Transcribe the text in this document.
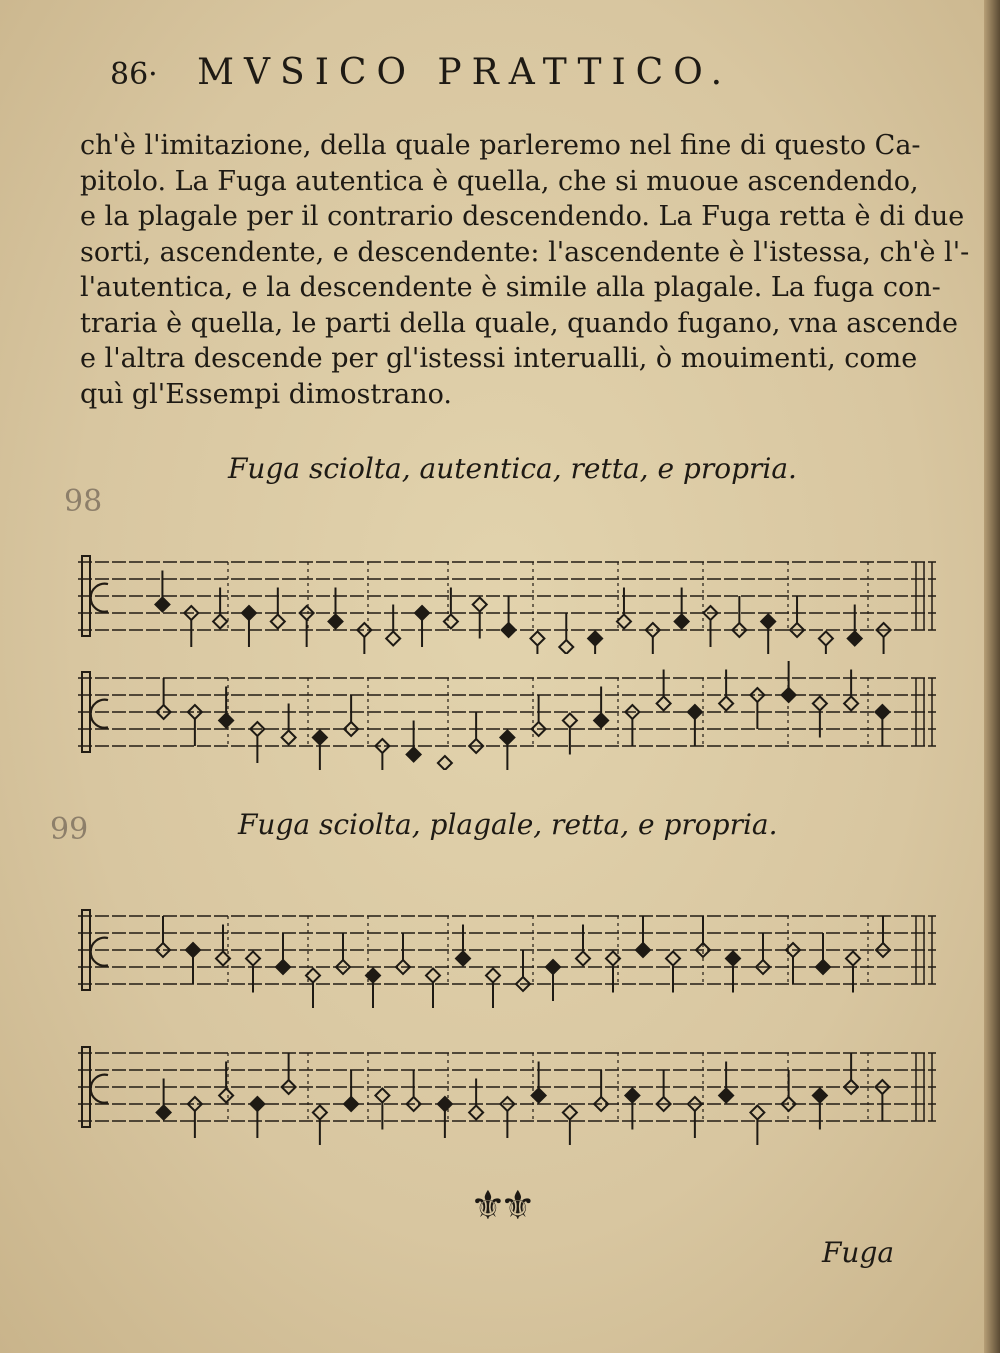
86· MVSICO PRATTICO.
ch'è l'imitazione, della quale parleremo nel fine di questo Ca-
pitolo. La Fuga autentica è quella, che si muoue ascendendo,
e la plagale per il contrario descendendo. La Fuga retta è di due
sorti, ascendente, e descendente: l'ascendente è l'istessa, ch'è l'-
l'autentica, e la descendente è simile alla plagale. La fuga con-
traria è quella, le parti della quale, quando fugano, vna ascende
e l'altra descende per gl'istessi interualli, ò mouimenti, come
quì gl'Essempi dimostrano.
98
Fuga sciolta, autentica, retta, e propria.
99	Fuga sciolta, plagale, retta, e propria.
⚜⚜
Fuga
